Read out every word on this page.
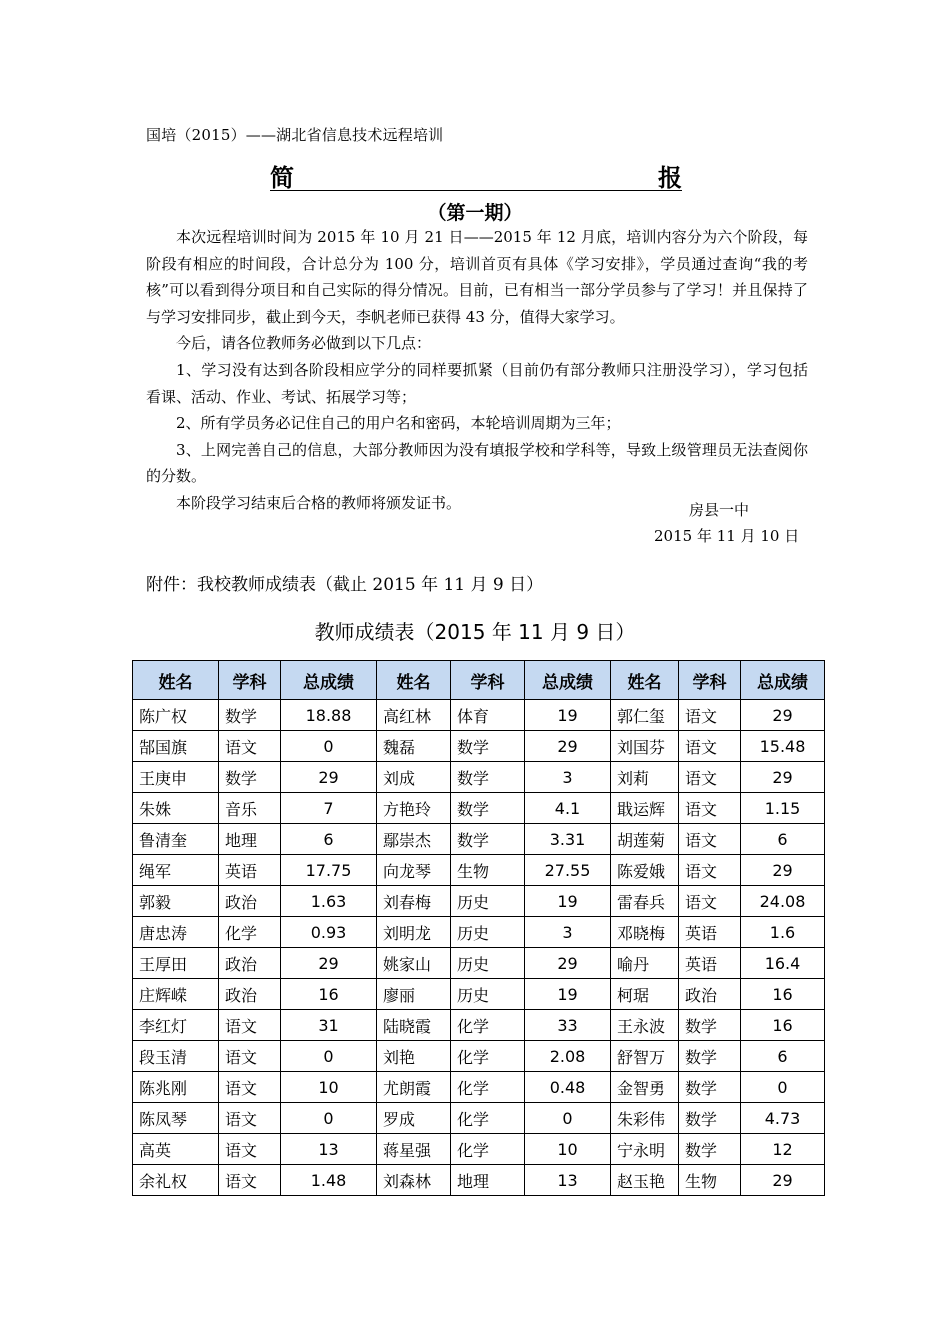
国培（2015）——湖北省信息技术远程培训
简	报
（第一期）

本次远程培训时间为 2015 年 10 月 21 日——2015 年 12 月底，培训内容分为六个阶段，每阶段有相应的时间段，合计总分为 100 分，培训首页有具体《学习安排》，学员通过查询“我的考核”可以看到得分项目和自己实际的得分情况。目前，已有相当一部分学员参与了学习！并且保持了与学习安排同步，截止到今天，李帆老师已获得 43 分，值得大家学习。

今后，请各位教师务必做到以下几点：

1、学习没有达到各阶段相应学分的同样要抓紧（目前仍有部分教师只注册没学习），学习包括看课、活动、作业、考试、拓展学习等；

2、所有学员务必记住自己的用户名和密码，本轮培训周期为三年；

3、上网完善自己的信息，大部分教师因为没有填报学校和学科等，导致上级管理员无法查阅你的分数。

本阶段学习结束后合格的教师将颁发证书。	房县一中
2015 年 11 月 10 日
附件：我校教师成绩表（截止 2015 年 11 月 9 日）
教师成绩表（2015 年 11 月 9 日）
姓名	学科	总成绩	姓名	学科	总成绩	姓名	学科	总成绩
陈广权	数学	18.88	高红林	体育	19	郭仁玺	语文	29
郜国旗	语文	0	魏磊	数学	29	刘国芬	语文	15.48
王庚申	数学	29	刘成	数学	3	刘莉	语文	29
朱姝	音乐	7	方艳玲	数学	4.1	戢运辉	语文	1.15
鲁清奎	地理	6	鄢崇杰	数学	3.31	胡莲菊	语文	6
绳军	英语	17.75	向龙琴	生物	27.55	陈爱娥	语文	29
郭毅	政治	1.63	刘春梅	历史	19	雷春兵	语文	24.08
唐忠涛	化学	0.93	刘明龙	历史	3	邓晓梅	英语	1.6
王厚田	政治	29	姚家山	历史	29	喻丹	英语	16.4
庄辉嵘	政治	16	廖丽	历史	19	柯琚	政治	16
李红灯	语文	31	陆晓霞	化学	33	王永波	数学	16
段玉清	语文	0	刘艳	化学	2.08	舒智万	数学	6
陈兆刚	语文	10	尤朗霞	化学	0.48	金智勇	数学	0
陈凤琴	语文	0	罗成	化学	0	朱彩伟	数学	4.73
高英	语文	13	蒋星强	化学	10	宁永明	数学	12
余礼权	语文	1.48	刘森林	地理	13	赵玉艳	生物	29
